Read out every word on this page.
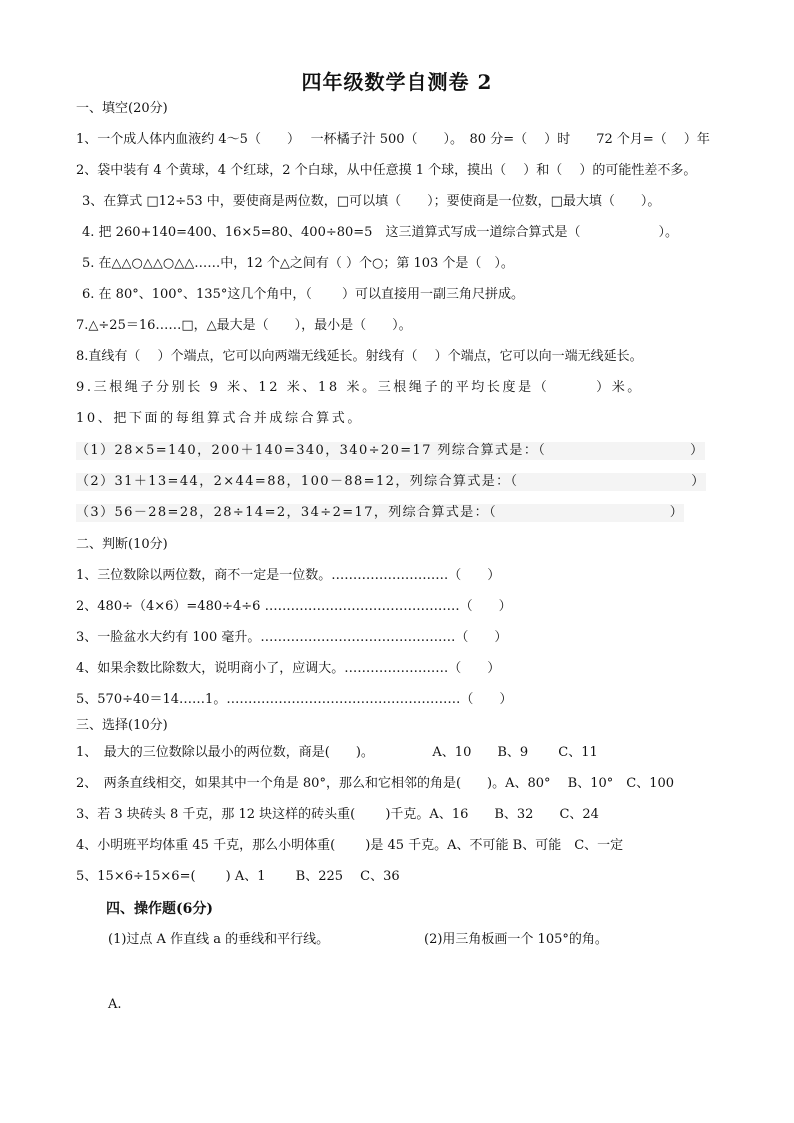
四年级数学自测卷 2
一、填空(20分)
1、一个成人体内血液约 4～5（　　）　 一杯橘子汁 500（　　）。　80 分=（　 ）时　　72 个月=（　 ）年
2、袋中装有 4 个黄球，4 个红球，2 个白球，从中任意摸 1 个球，摸出（　 ）和（　 ）的可能性差不多。
3、在算式 □12÷53 中，要使商是两位数，□可以填（　　）；要使商是一位数，□最大填（　　）。
4. 把 260+140=400、16×5=80、400÷80=5　这三道算式写成一道综合算式是（　　　　　　）。
5. 在△△○△△○△△……中，12 个△之间有（ ）个○；第 103 个是（　）。
6. 在 80°、100°、135°这几个角中，（　　 ）可以直接用一副三角尺拼成。
7.△÷25＝16……□，△最大是（　　），最小是（　　）。
8.直线有（　 ）个端点，它可以向两端无线延长。射线有（　 ）个端点，它可以向一端无线延长。
9.三根绳子分别长 9 米、12 米、18 米。三根绳子的平均长度是（　　　）米。
10、把下面的每组算式合并成综合算式。
（1）28×5=140，200＋140=340，340÷20=17 列综合算式是：（　　　　　　　　　　）
（2）31＋13=44，2×44=88，100－88=12，列综合算式是：（　　　　　　　　　　　　）
（3）56－28=28，28÷14=2，34÷2=17，列综合算式是：（　　　　　　　　　　　　）
二、判断(10分)
1、三位数除以两位数，商不一定是一位数。………………………（　　）
2、480÷（4×6）=480÷4÷6 ………………………………………（　　）
3、一脸盆水大约有 100 毫升。………………………………………（　　）
4、如果余数比除数大，说明商小了，应调大。……………………（　　）
5、570÷40＝14……1。………………………………………………（　　）
三、选择(10分)
1、　最大的三位数除以最小的两位数，商是(　　)。　　　　　A、10　　B、9　　 C、11
2、　两条直线相交，如果其中一个角是 80°，那么和它相邻的角是(　　)。A、80°　 B、10°　C、100
3、若 3 块砖头 8 千克，那 12 块这样的砖头重(　　 )千克。A、16　　B、32　　C、24
4、小明班平均体重 45 千克，那么小明体重(　　 )是 45 千克。A、不可能 B、可能　C、一定
5、15×6÷15×6=(　　 ) A、1　　 B、225　 C、36
四、操作题(6分)
(1)过点 A 作直线 a 的垂线和平行线。	(2)用三角板画一个 105°的角。
A.
